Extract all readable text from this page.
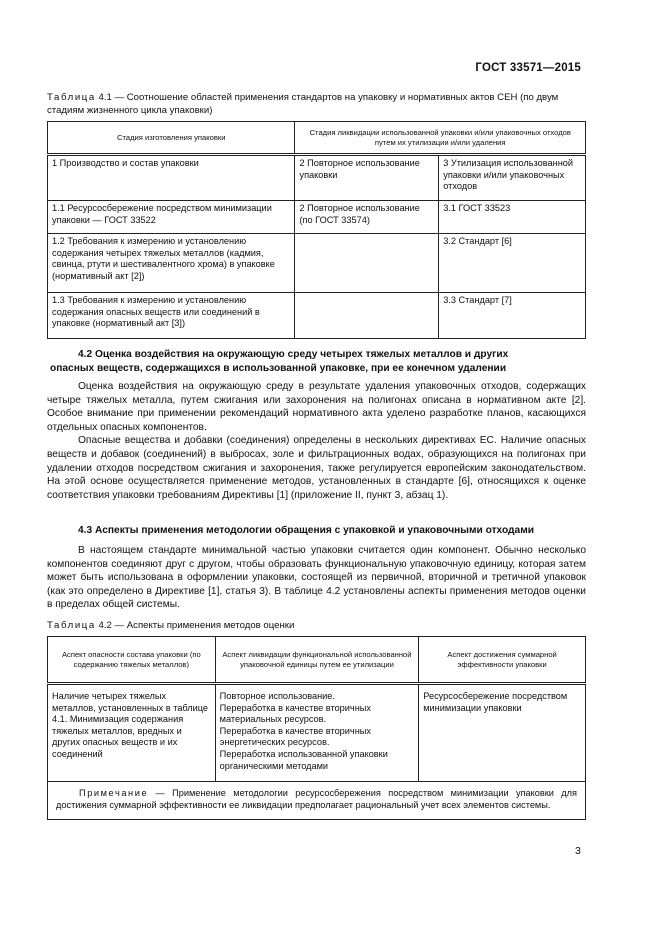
ГОСТ 33571—2015
Таблица 4.1 — Соотношение областей применения стандартов на упаковку и нормативных актов СЕН (по двум стадиям жизненного цикла упаковки)
Стадия изготовления упаковки	Стадия ликвидации использованной упаковки и/или упаковочных отходов путем их утилизации и/или удаления	
1 Производство и состав упаковки	2 Повторное использование упаковки	3 Утилизация использованной упаковки и/или упаковочных отходов
1.1 Ресурсосбережение посредством минимизации упаковки — ГОСТ 33522	2 Повторное использование (по ГОСТ 33574)	3.1 ГОСТ 33523
1.2 Требования к измерению и установлению содержания четырех тяжелых металлов (кадмия, свинца, ртути и шестивалентного хрома) в упаковке (нормативный акт [2])		3.2 Стандарт [6]
1.3 Требования к измерению и установлению содержания опасных веществ или соединений в упаковке (нормативный акт [3])		3.3 Стандарт [7]
4.2 Оценка воздействия на окружающую среду четырех тяжелых металлов и других
опасных веществ, содержащихся в использованной упаковке, при ее конечном удалении

Оценка воздействия на окружающую среду в результате удаления упаковочных отходов, содержащих четыре тяжелых металла, путем сжигания или захоронения на полигонах описана в нормативном акте [2]. Особое внимание при применении рекомендаций нормативного акта уделено разработке планов, касающихся отдельных опасных компонентов.

Опасные вещества и добавки (соединения) определены в нескольких директивах ЕС. Наличие опасных веществ и добавок (соединений) в выбросах, золе и фильтрационных водах, образующихся на полигонах при удалении отходов посредством сжигания и захоронения, также регулируется европейским законодательством. На этой основе осуществляется применение методов, установленных в стандарте [6], относящихся к оценке соответствия упаковки требованиям Директивы [1] (приложение II, пункт 3, абзац 1).

4.3 Аспекты применения методологии обращения с упаковкой и упаковочными отходами

В настоящем стандарте минимальной частью упаковки считается один компонент. Обычно несколько компонентов соединяют друг с другом, чтобы образовать функциональную упаковочную единицу, которая затем может быть использована в оформлении упаковки, состоящей из первичной, вторичной и третичной упаковок (как это определено в Директиве [1], статья 3). В таблице 4.2 установлены аспекты применения методов оценки в пределах общей системы.

Таблица 4.2 — Аспекты применения методов оценки
Аспект опасности состава упаковки (по содержанию тяжелых металлов)	Аспект ликвидации функциональной использованной упаковочной единицы путем ее утилизации	Аспект достижения суммарной эффективности упаковки
Наличие четырех тяжелых металлов, установленных в таблице 4.1. Минимизация содержания тяжелых металлов, вредных и других опасных веществ и их соединений	Повторное использование.
Переработка в качестве вторичных материальных ресурсов.
Переработка в качестве вторичных энергетических ресурсов.
Переработка использованной упаковки органическими методами	Ресурсосбережение посредством минимизации упаковки
Примечание — Применение методологии ресурсосбережения посредством минимизации упаковки для достижения суммарной эффективности ее ликвидации предполагает рациональный учет всех элементов системы.		
3
